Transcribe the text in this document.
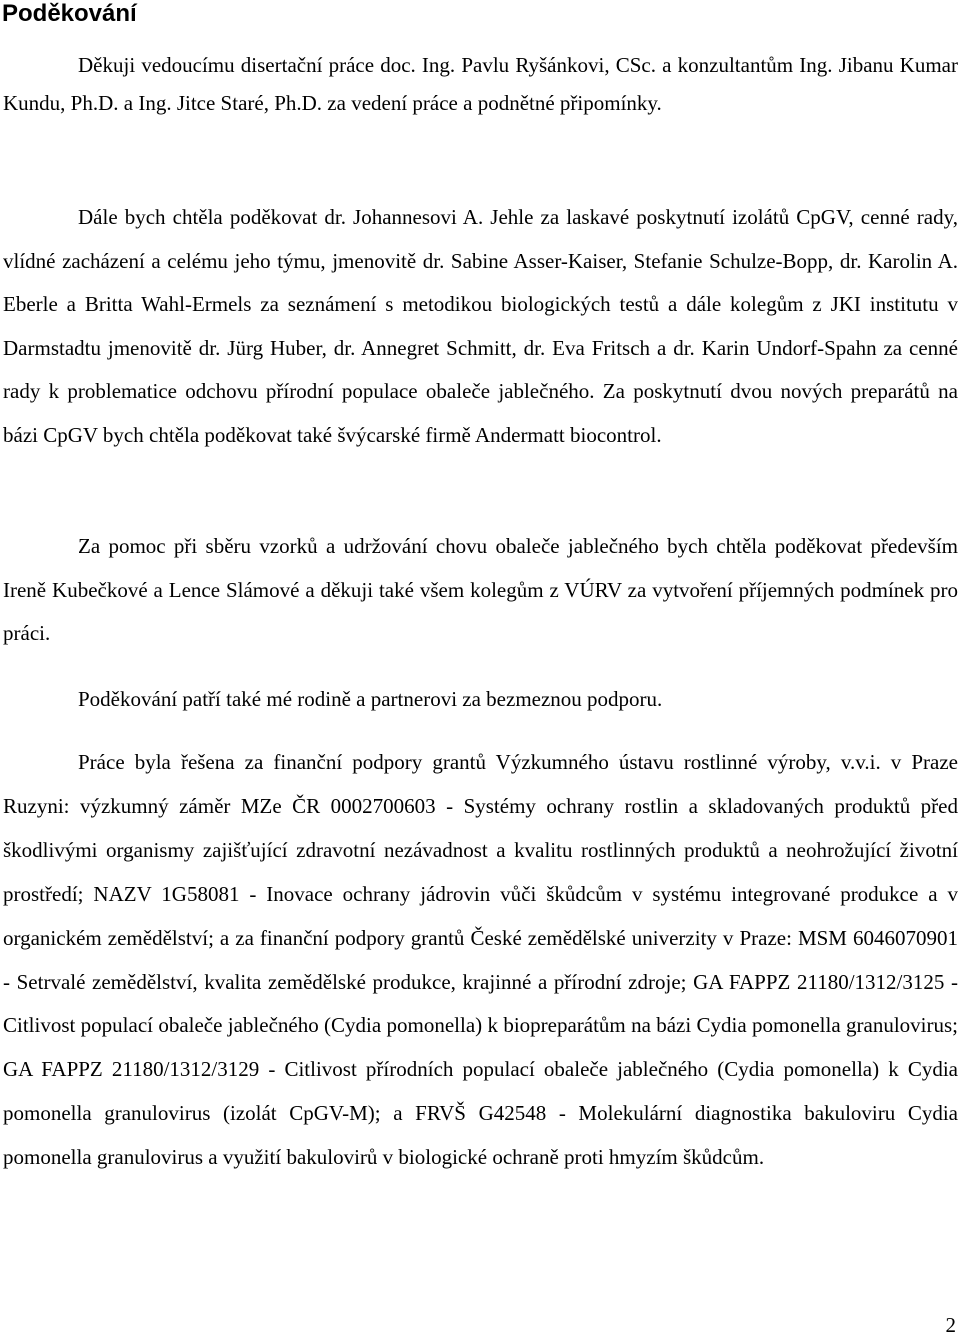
Poděkování

Děkuji vedoucímu disertační práce doc. Ing. Pavlu Ryšánkovi, CSc. a konzultantům Ing. Jibanu Kumar Kundu, Ph.D. a Ing. Jitce Staré, Ph.D. za vedení práce a podnětné připomínky.

Dále bych chtěla poděkovat dr. Johannesovi A. Jehle za laskavé poskytnutí izolátů CpGV, cenné rady, vlídné zacházení a celému jeho týmu, jmenovitě dr. Sabine Asser-Kaiser, Stefanie Schulze-Bopp, dr. Karolin A. Eberle a Britta Wahl-Ermels za seznámení s metodikou biologických testů a dále kolegům z JKI institutu v Darmstadtu jmenovitě dr. Jürg Huber, dr. Annegret Schmitt, dr. Eva Fritsch a dr. Karin Undorf-Spahn za cenné rady k problematice odchovu přírodní populace obaleče jablečného. Za poskytnutí dvou nových preparátů na bázi CpGV bych chtěla poděkovat také švýcarské firmě Andermatt biocontrol.

Za pomoc při sběru vzorků a udržování chovu obaleče jablečného bych chtěla poděkovat především Ireně Kubečkové a Lence Slámové a děkuji také všem kolegům z VÚRV za vytvoření příjemných podmínek pro práci.

Poděkování patří také mé rodině a partnerovi za bezmeznou podporu.

Práce byla řešena za finanční podpory grantů Výzkumného ústavu rostlinné výroby, v.v.i. v Praze Ruzyni: výzkumný záměr MZe ČR 0002700603 - Systémy ochrany rostlin a skladovaných produktů před škodlivými organismy zajišťující zdravotní nezávadnost a kvalitu rostlinných produktů a neohrožující životní prostředí; NAZV 1G58081 - Inovace ochrany jádrovin vůči škůdcům v systému integrované produkce a v organickém zemědělství; a za finanční podpory grantů České zemědělské univerzity v Praze: MSM 6046070901 - Setrvalé zemědělství, kvalita zemědělské produkce, krajinné a přírodní zdroje; GA FAPPZ 21180/1312/3125 - Citlivost populací obaleče jablečného (Cydia pomonella) k biopreparátům na bázi Cydia pomonella granulovirus; GA FAPPZ 21180/1312/3129 - Citlivost přírodních populací obaleče jablečného (Cydia pomonella) k Cydia pomonella granulovirus (izolát CpGV-M); a FRVŠ G42548 - Molekulární diagnostika bakuloviru Cydia pomonella granulovirus a využití bakulovirů v biologické ochraně proti hmyzím škůdcům.

2
